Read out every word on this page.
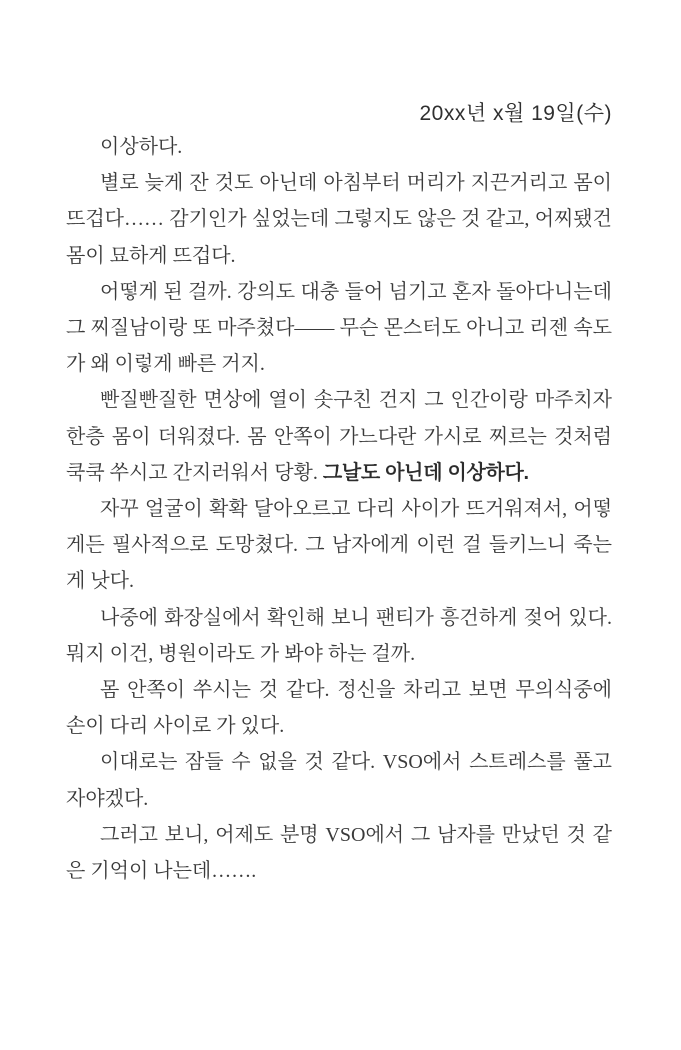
20xx년 x월 19일(수)

이상하다.

별로 늦게 잔 것도 아닌데 아침부터 머리가 지끈거리고 몸이 뜨겁다…… 감기인가 싶었는데 그렇지도 않은 것 같고, 어찌됐건 몸이 묘하게 뜨겁다.

어떻게 된 걸까. 강의도 대충 들어 넘기고 혼자 돌아다니는데 그 찌질남이랑 또 마주쳤다—— 무슨 몬스터도 아니고 리젠 속도가 왜 이렇게 빠른 거지.

빤질빤질한 면상에 열이 솟구친 건지 그 인간이랑 마주치자 한층 몸이 더워졌다. 몸 안쪽이 가느다란 가시로 찌르는 것처럼 쿡쿡 쑤시고 간지러워서 당황. 그날도 아닌데 이상하다.

자꾸 얼굴이 확확 달아오르고 다리 사이가 뜨거워져서, 어떻게든 필사적으로 도망쳤다. 그 남자에게 이런 걸 들키느니 죽는 게 낫다.

나중에 화장실에서 확인해 보니 팬티가 흥건하게 젖어 있다. 뭐지 이건, 병원이라도 가 봐야 하는 걸까.

몸 안쪽이 쑤시는 것 같다. 정신을 차리고 보면 무의식중에 손이 다리 사이로 가 있다.

이대로는 잠들 수 없을 것 같다. VSO에서 스트레스를 풀고 자야겠다.

그러고 보니, 어제도 분명 VSO에서 그 남자를 만났던 것 같은 기억이 나는데…….
